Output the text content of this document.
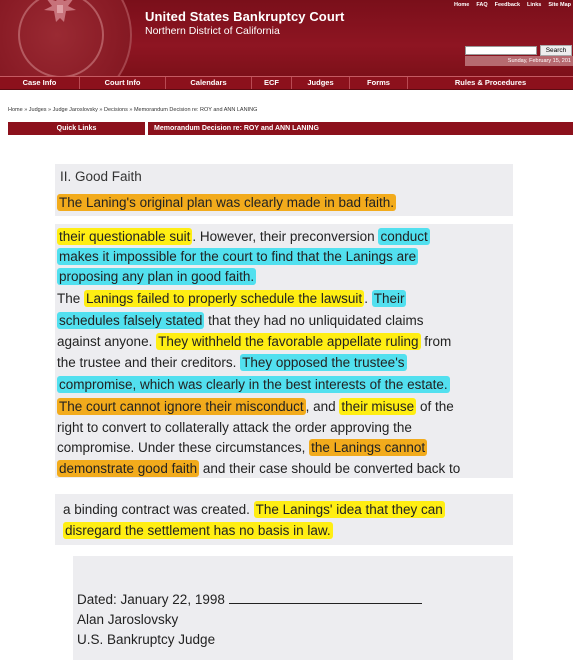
United States Bankruptcy Court
Northern District of California
Home FAQ Feedback Links Site Map
Search
Sunday, February 15, 201
Case Info	Court Info	Calendars	ECF	Judges	Forms	Rules & Procedures
Home » Judges » Judge Jaroslovsky » Decisions » Memorandum Decision re: ROY and ANN LANING
Quick Links	Memorandum Decision re: ROY and ANN LANING
II. Good Faith
The Laning's original plan was clearly made in bad faith.
their questionable suit . However, their preconversion conduct
makes it impossible for the court to find that the Lanings are
proposing any plan in good faith.
The Lanings failed to properly schedule the lawsuit . Their
schedules falsely stated that they had no unliquidated claims
against anyone. They withheld the favorable appellate ruling from
the trustee and their creditors. They opposed the trustee's
compromise, which was clearly in the best interests of the estate.
The court cannot ignore their misconduct , and their misuse of the
right to convert to collaterally attack the order approving the
compromise. Under these circumstances, the Lanings cannot
demonstrate good faith and their case should be converted back to
a binding contract was created. The Lanings' idea that they can
disregard the settlement has no basis in law.
Dated: January 22, 1998
Alan Jaroslovsky
U.S. Bankruptcy Judge
